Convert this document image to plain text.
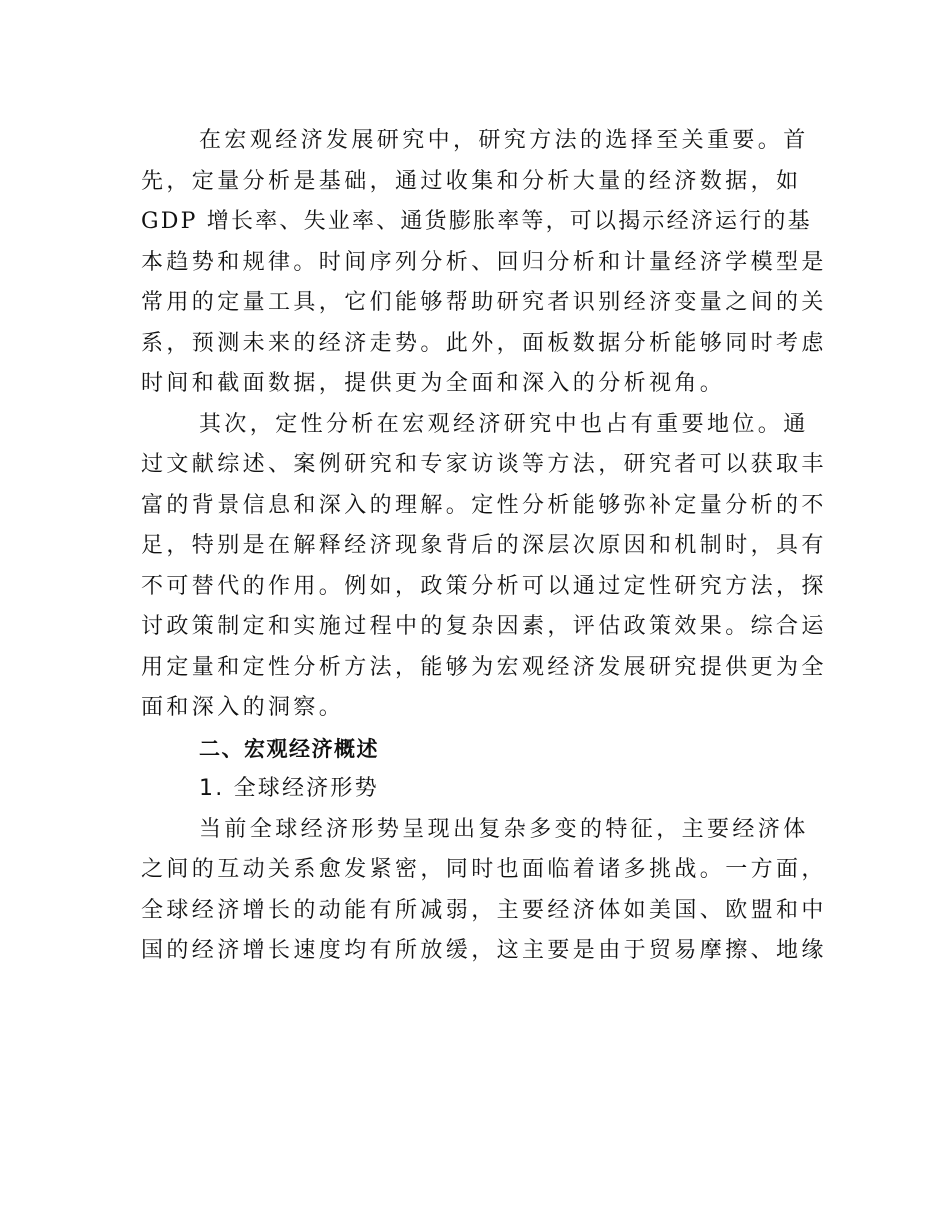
在宏观经济发展研究中，研究方法的选择至关重要。首
先，定量分析是基础，通过收集和分析大量的经济数据，如
GDP 增长率、失业率、通货膨胀率等，可以揭示经济运行的基
本趋势和规律。时间序列分析、回归分析和计量经济学模型是
常用的定量工具，它们能够帮助研究者识别经济变量之间的关
系，预测未来的经济走势。此外，面板数据分析能够同时考虑
时间和截面数据，提供更为全面和深入的分析视角。
其次，定性分析在宏观经济研究中也占有重要地位。通
过文献综述、案例研究和专家访谈等方法，研究者可以获取丰
富的背景信息和深入的理解。定性分析能够弥补定量分析的不
足，特别是在解释经济现象背后的深层次原因和机制时，具有
不可替代的作用。例如，政策分析可以通过定性研究方法，探
讨政策制定和实施过程中的复杂因素，评估政策效果。综合运
用定量和定性分析方法，能够为宏观经济发展研究提供更为全
面和深入的洞察。
二、宏观经济概述
1. 全球经济形势
当前全球经济形势呈现出复杂多变的特征，主要经济体
之间的互动关系愈发紧密，同时也面临着诸多挑战。一方面，
全球经济增长的动能有所减弱，主要经济体如美国、欧盟和中
国的经济增长速度均有所放缓，这主要是由于贸易摩擦、地缘
